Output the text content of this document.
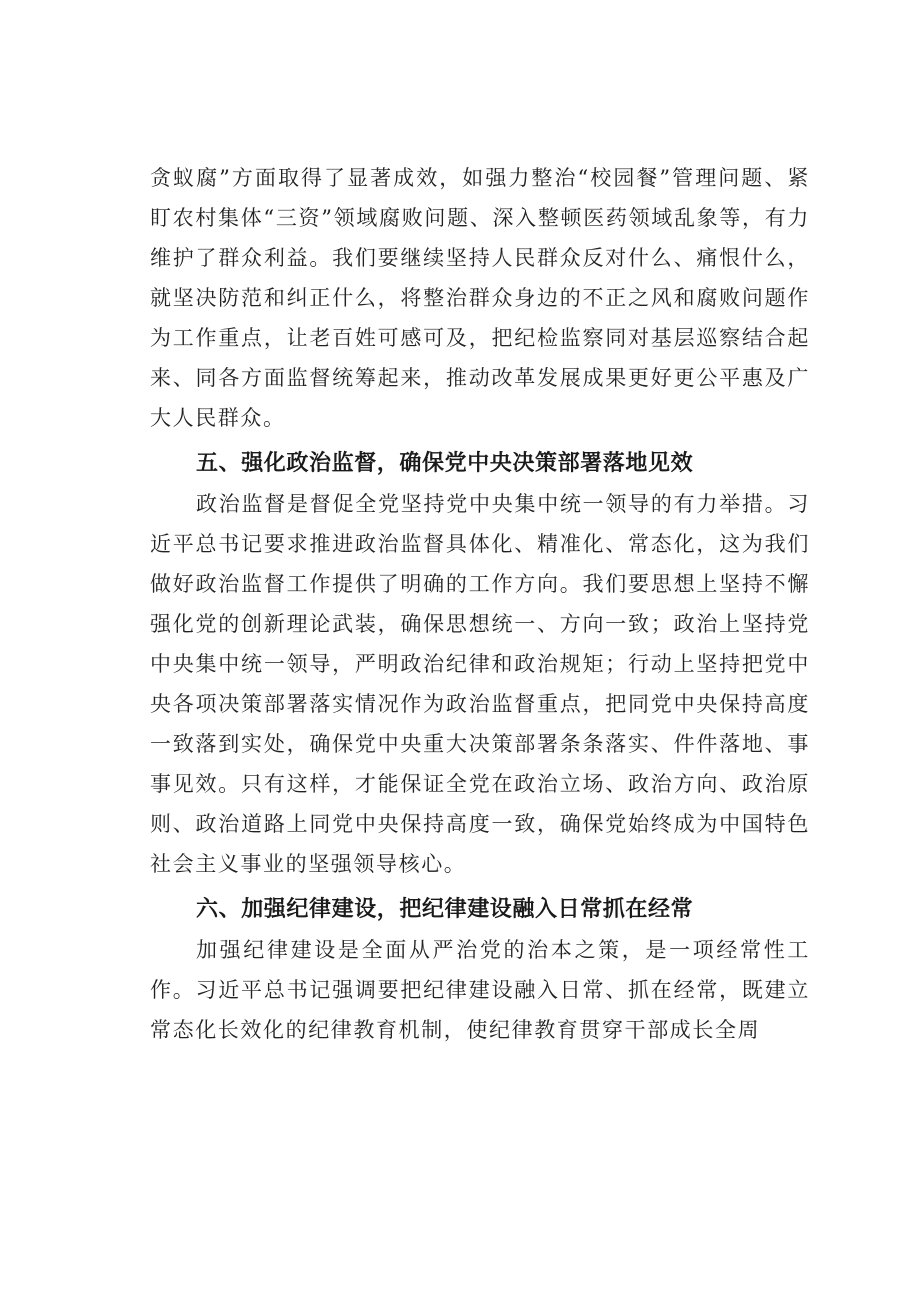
贪蚁腐”方面取得了显著成效，如强力整治“校园餐”管理问题、紧盯农村集体“三资”领域腐败问题、深入整顿医药领域乱象等，有力维护了群众利益。我们要继续坚持人民群众反对什么、痛恨什么，就坚决防范和纠正什么，将整治群众身边的不正之风和腐败问题作为工作重点，让老百姓可感可及，把纪检监察同对基层巡察结合起来、同各方面监督统筹起来，推动改革发展成果更好更公平惠及广大人民群众。

五、强化政治监督，确保党中央决策部署落地见效

政治监督是督促全党坚持党中央集中统一领导的有力举措。习近平总书记要求推进政治监督具体化、精准化、常态化，这为我们做好政治监督工作提供了明确的工作方向。我们要思想上坚持不懈强化党的创新理论武装，确保思想统一、方向一致；政治上坚持党中央集中统一领导，严明政治纪律和政治规矩；行动上坚持把党中央各项决策部署落实情况作为政治监督重点，把同党中央保持高度一致落到实处，确保党中央重大决策部署条条落实、件件落地、事事见效。只有这样，才能保证全党在政治立场、政治方向、政治原则、政治道路上同党中央保持高度一致，确保党始终成为中国特色社会主义事业的坚强领导核心。

六、加强纪律建设，把纪律建设融入日常抓在经常

加强纪律建设是全面从严治党的治本之策，是一项经常性工作。习近平总书记强调要把纪律建设融入日常、抓在经常，既建立常态化长效化的纪律教育机制，使纪律教育贯穿干部成长全周
